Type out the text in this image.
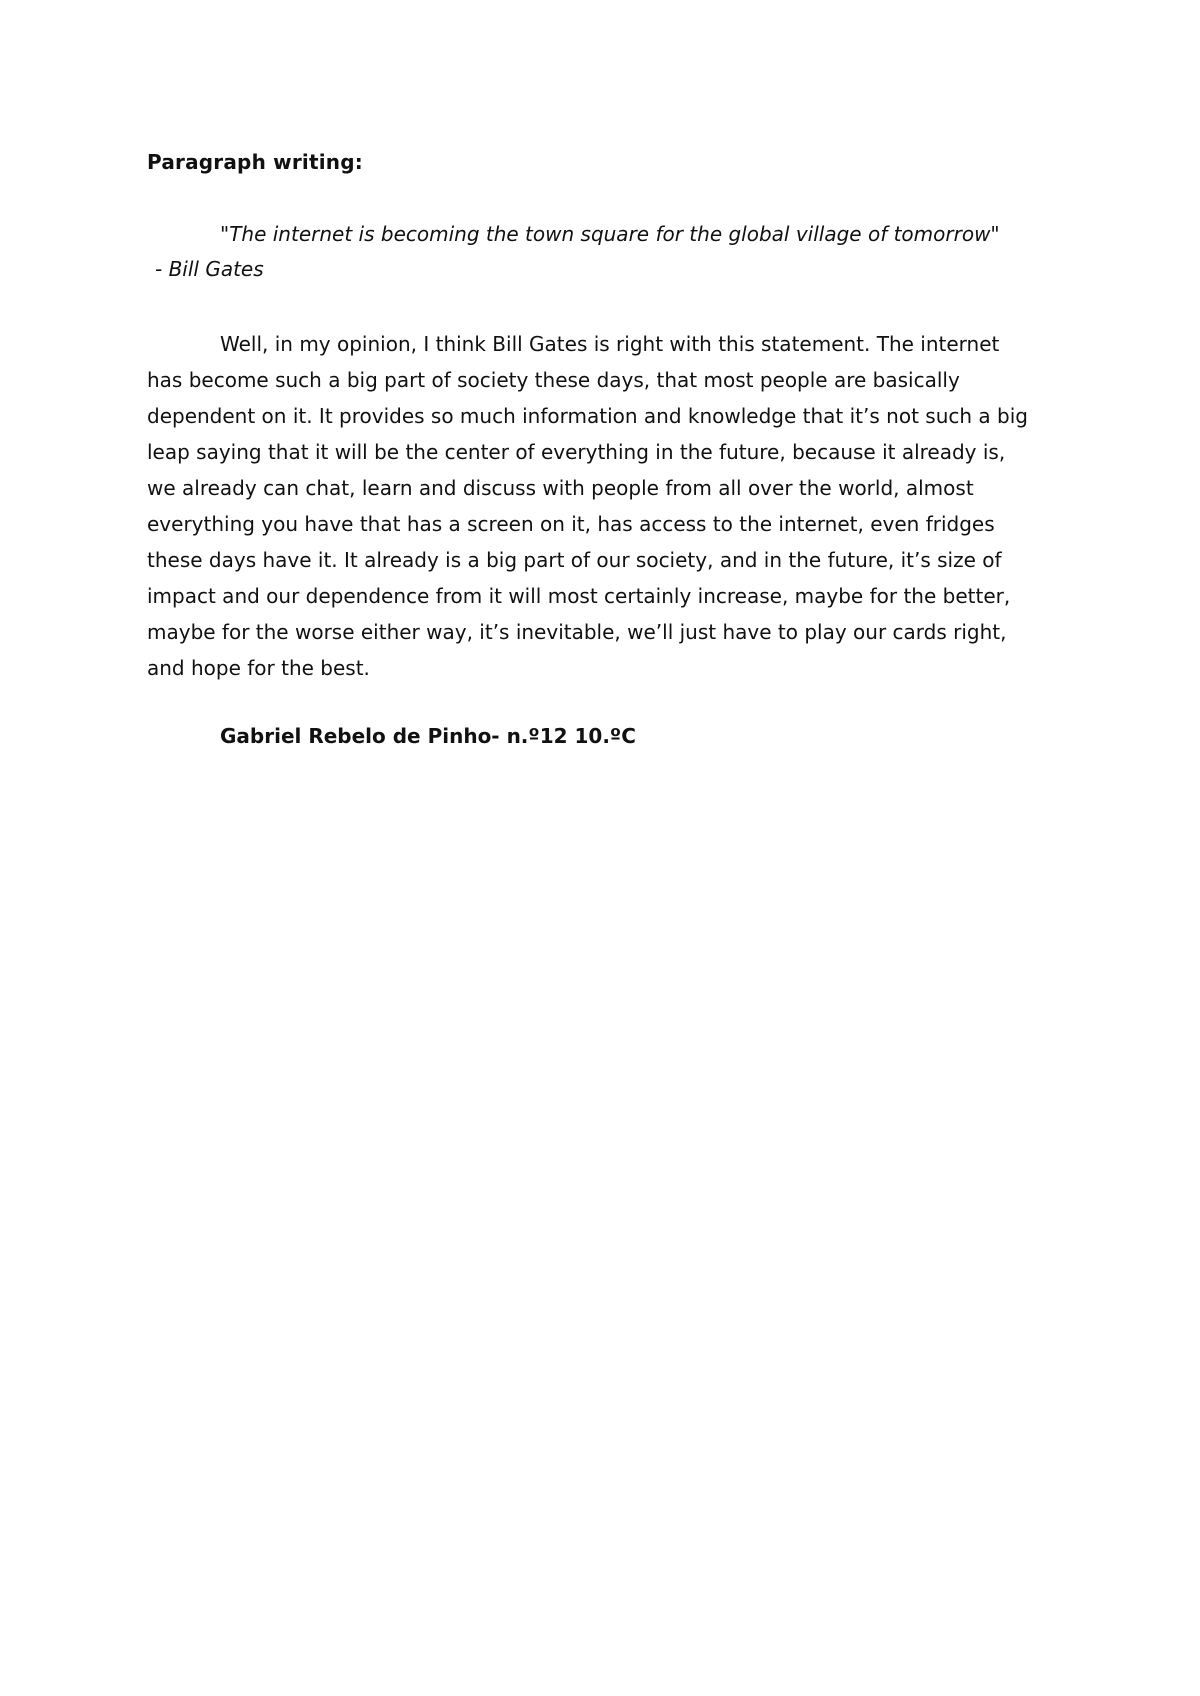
Paragraph writing:
"The internet is becoming the town square for the global village of tomorrow"
- Bill Gates
Well, in my opinion, I think Bill Gates is right with this statement. The internet
has become such a big part of society these days, that most people are basically
dependent on it. It provides so much information and knowledge that it’s not such a big
leap saying that it will be the center of everything in the future, because it already is,
we already can chat, learn and discuss with people from all over the world, almost
everything you have that has a screen on it, has access to the internet, even fridges
these days have it. It already is a big part of our society, and in the future, it’s size of
impact and our dependence from it will most certainly increase, maybe for the better,
maybe for the worse either way, it’s inevitable, we’ll just have to play our cards right,
and hope for the best.
Gabriel Rebelo de Pinho- n.º12 10.ºC
